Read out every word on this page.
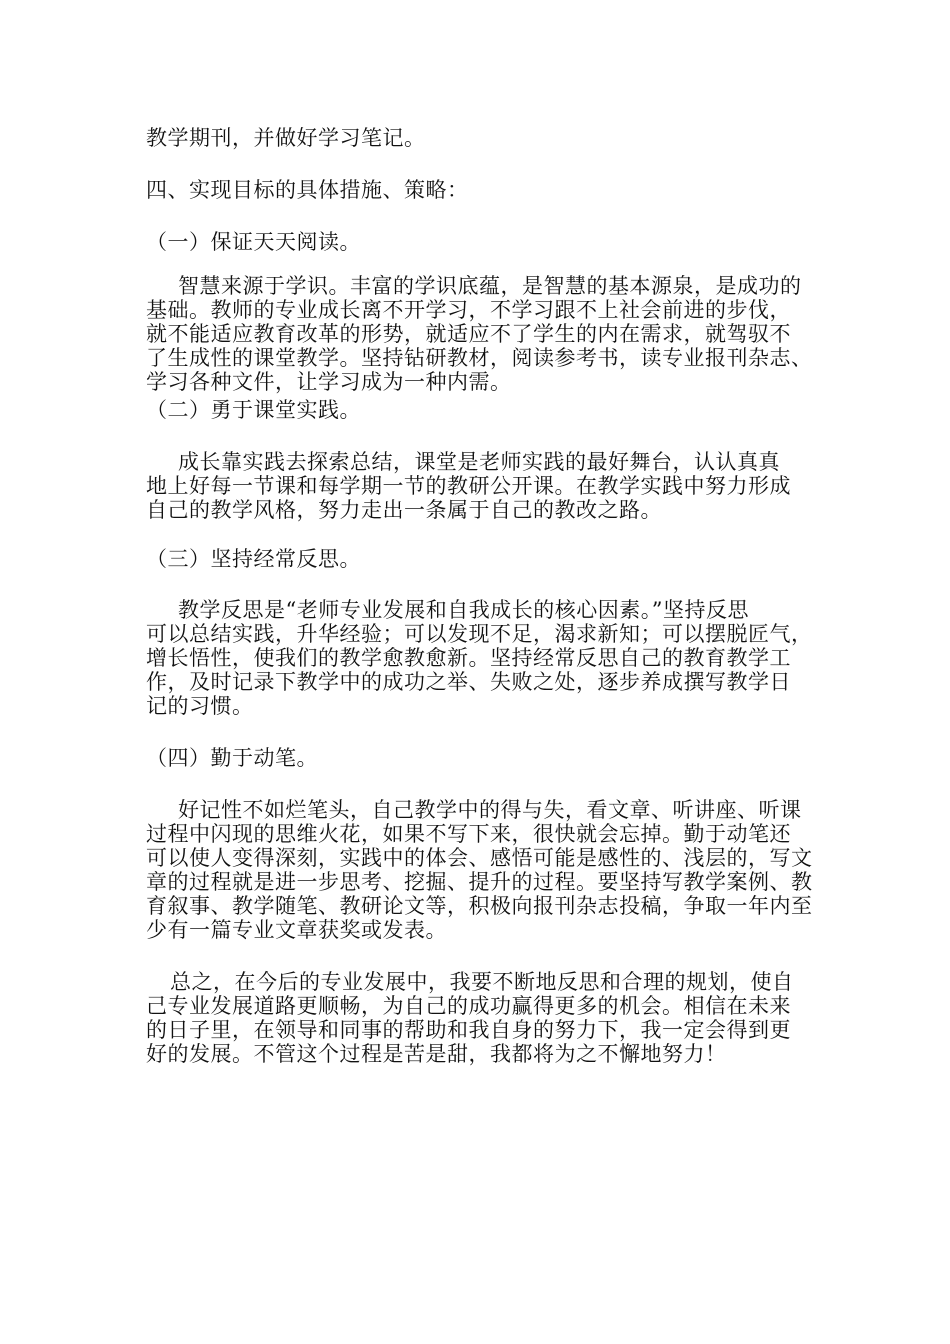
教学期刊，并做好学习笔记。
四、实现目标的具体措施、策略：
（一）保证天天阅读。
智慧来源于学识。丰富的学识底蕴，是智慧的基本源泉，是成功的
基础。教师的专业成长离不开学习，不学习跟不上社会前进的步伐，
就不能适应教育改革的形势，就适应不了学生的内在需求，就驾驭不
了生成性的课堂教学。坚持钻研教材，阅读参考书，读专业报刊杂志、
学习各种文件，让学习成为一种内需。
（二）勇于课堂实践。
成长靠实践去探索总结，课堂是老师实践的最好舞台，认认真真
地上好每一节课和每学期一节的教研公开课。在教学实践中努力形成
自己的教学风格，努力走出一条属于自己的教改之路。
（三）坚持经常反思。
教学反思是“老师专业发展和自我成长的核心因素。”坚持反思
可以总结实践，升华经验；可以发现不足，渴求新知；可以摆脱匠气，
增长悟性，使我们的教学愈教愈新。坚持经常反思自己的教育教学工
作，及时记录下教学中的成功之举、失败之处，逐步养成撰写教学日
记的习惯。
（四）勤于动笔。
好记性不如烂笔头，自己教学中的得与失，看文章、听讲座、听课
过程中闪现的思维火花，如果不写下来，很快就会忘掉。勤于动笔还
可以使人变得深刻，实践中的体会、感悟可能是感性的、浅层的，写文
章的过程就是进一步思考、挖掘、提升的过程。要坚持写教学案例、教
育叙事、教学随笔、教研论文等，积极向报刊杂志投稿，争取一年内至
少有一篇专业文章获奖或发表。
总之，在今后的专业发展中，我要不断地反思和合理的规划，使自
己专业发展道路更顺畅，为自己的成功赢得更多的机会。相信在未来
的日子里，在领导和同事的帮助和我自身的努力下，我一定会得到更
好的发展。不管这个过程是苦是甜，我都将为之不懈地努力！
